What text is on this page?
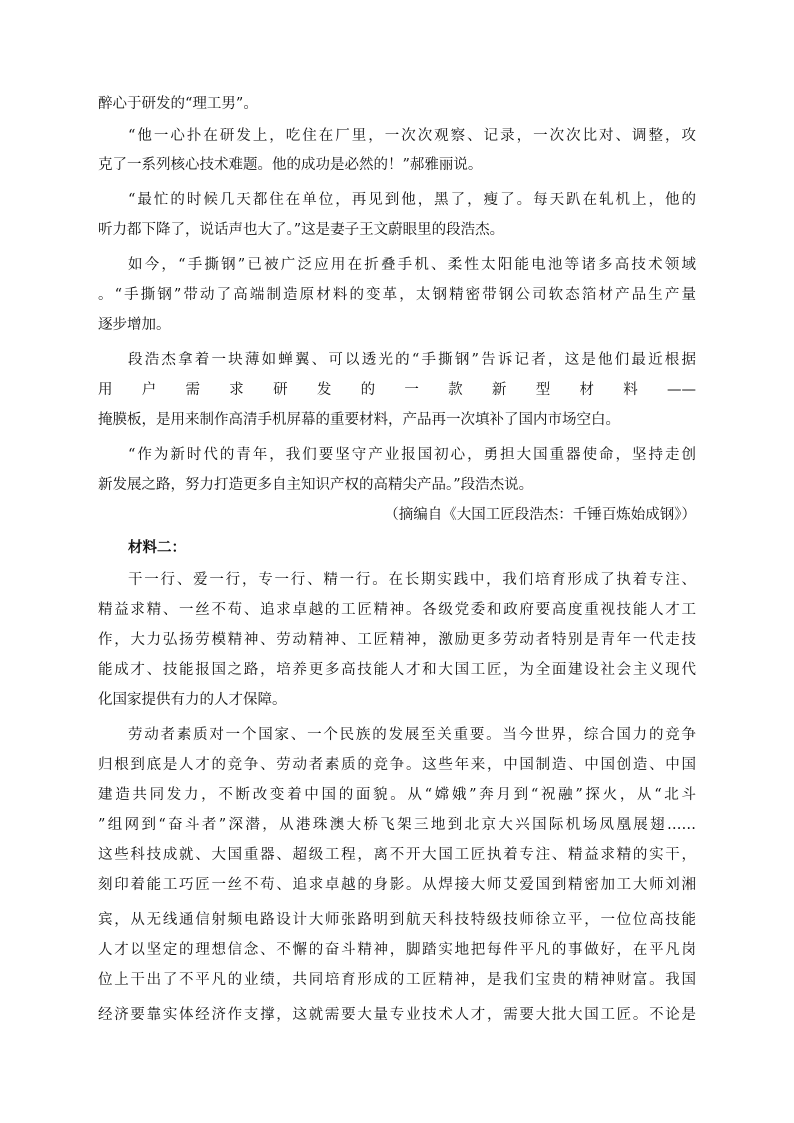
醉心于研发的“理工男”。
“他一心扑在研发上，吃住在厂里，一次次观察、记录，一次次比对、调整，攻
克了一系列核心技术难题。他的成功是必然的！”郝雅丽说。
“最忙的时候几天都住在单位，再见到他，黑了，瘦了。每天趴在轧机上，他的
听力都下降了，说话声也大了。”这是妻子王文蔚眼里的段浩杰。
如今，“手撕钢”已被广泛应用在折叠手机、柔性太阳能电池等诸多高技术领域
。“手撕钢”带动了高端制造原材料的变革，太钢精密带钢公司软态箔材产品生产量
逐步增加。
段浩杰拿着一块薄如蝉翼、可以透光的“手撕钢”告诉记者，这是他们最近根据
用户需求研发的一款新型材料——
掩膜板，是用来制作高清手机屏幕的重要材料，产品再一次填补了国内市场空白。
“作为新时代的青年，我们要坚守产业报国初心，勇担大国重器使命，坚持走创
新发展之路，努力打造更多自主知识产权的高精尖产品。”段浩杰说。
（摘编自《大国工匠段浩杰：千锤百炼始成钢》）
材料二：
干一行、爱一行，专一行、精一行。在长期实践中，我们培育形成了执着专注、
精益求精、一丝不苟、追求卓越的工匠精神。各级党委和政府要高度重视技能人才工
作，大力弘扬劳模精神、劳动精神、工匠精神，激励更多劳动者特别是青年一代走技
能成才、技能报国之路，培养更多高技能人才和大国工匠，为全面建设社会主义现代
化国家提供有力的人才保障。
劳动者素质对一个国家、一个民族的发展至关重要。当今世界，综合国力的竞争
归根到底是人才的竞争、劳动者素质的竞争。这些年来，中国制造、中国创造、中国
建造共同发力，不断改变着中国的面貌。从“嫦娥”奔月到“祝融”探火，从“北斗
”组网到“奋斗者”深潜，从港珠澳大桥飞架三地到北京大兴国际机场凤凰展翅……
这些科技成就、大国重器、超级工程，离不开大国工匠执着专注、精益求精的实干，
刻印着能工巧匠一丝不苟、追求卓越的身影。从焊接大师艾爱国到精密加工大师刘湘
宾，从无线通信射频电路设计大师张路明到航天科技特级技师徐立平，一位位高技能
人才以坚定的理想信念、不懈的奋斗精神，脚踏实地把每件平凡的事做好，在平凡岗
位上干出了不平凡的业绩，共同培育形成的工匠精神，是我们宝贵的精神财富。我国
经济要靠实体经济作支撑，这就需要大量专业技术人才，需要大批大国工匠。不论是
